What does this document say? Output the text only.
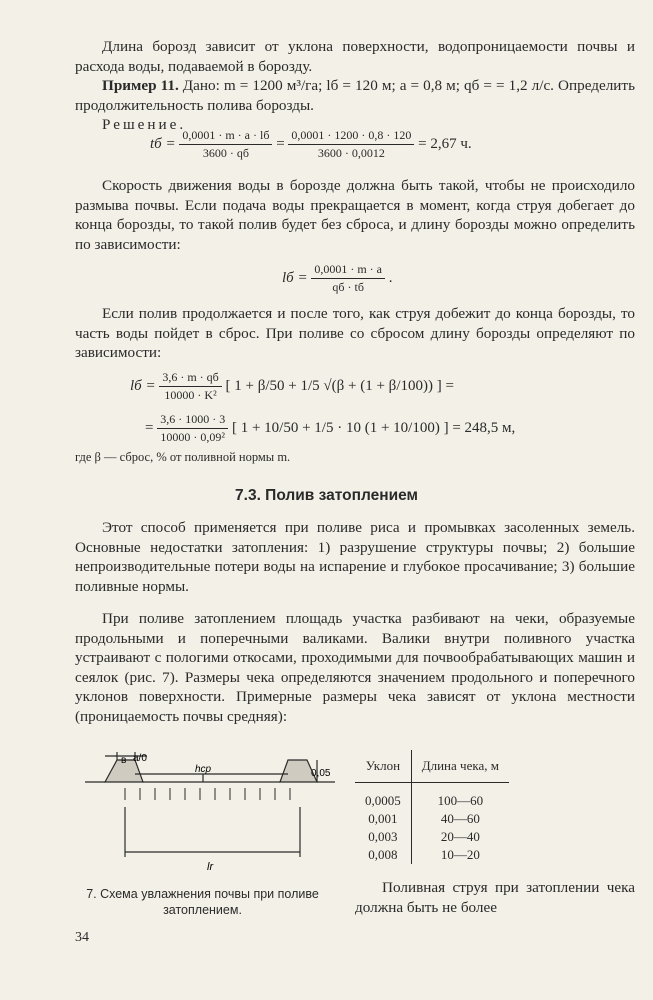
Длина борозд зависит от уклона поверхности, водопроницаемости почвы и расхода воды, подаваемой в борозду.

Пример 11. Дано: m = 1200 м³/га; lб = 120 м; a = 0,8 м; qб = = 1,2 л/с. Определить продолжительность полива борозды.

Решение.

tб = $\frac{0,0001 \cdot m \cdot a \cdot lб}{3600 \cdot qб} = \frac{0,0001 \cdot 1200 \cdot 0,8 \cdot 120}{3600 \cdot 0,0012} = 2,67$ ч.

Скорость движения воды в борозде должна быть такой, чтобы не происходило размыва почвы. Если подача воды прекращается в момент, когда струя добегает до конца борозды, то такой полив будет без сброса, и длину борозды можно определить по зависимости:

lб = $\frac{0,0001 \cdot m \cdot a}{qб \cdot tб}$ .

Если полив продолжается и после того, как струя добежит до конца борозды, то часть воды пойдет в сброс. При поливе со сбросом длину борозды определяют по зависимости:

lб = $\frac{3,6 \cdot m \cdot qб}{\text{10000 · K²}}$ [ 1 + β/50 + 1/5 √(β + (1 + β/100)) ] =
= $\frac{3,6 \cdot 1000 \cdot 3}{\text{10000 · 0,09²}}$ [ 1 + 10/50 + 1/5 · 10 (1 + 10/100) ] = 248,5 м,
где β — сброс, % от поливной нормы m.
7.3. Полив затоплением

Этот способ применяется при поливе риса и промывках засоленных земель. Основные недостатки затопления: 1) разрушение структуры почвы; 2) большие непроизводительные потери воды на испарение и глубокое просачивание; 3) большие поливные нормы.

При поливе затоплением площадь участка разбивают на чеки, образуемые продольными и поперечными валиками. Валики внутри поливного участка устраивают с пологими откосами, проходимыми для почвообрабатывающих машин и сеялок (рис. 7). Размеры чека определяются значением продольного и поперечного уклонов поверхности. Примерные размеры чека зависят от уклона местности (проницаемость почвы средняя):

в a/0
hср	0,05
lr
7. Схема увлажнения почвы при поливе затоплением.
Уклон	Длина чека, м
0,0005	100—60
0,001	40—60
0,003	20—40
0,008	10—20
Поливная струя при затоплении чека должна быть не более
34
